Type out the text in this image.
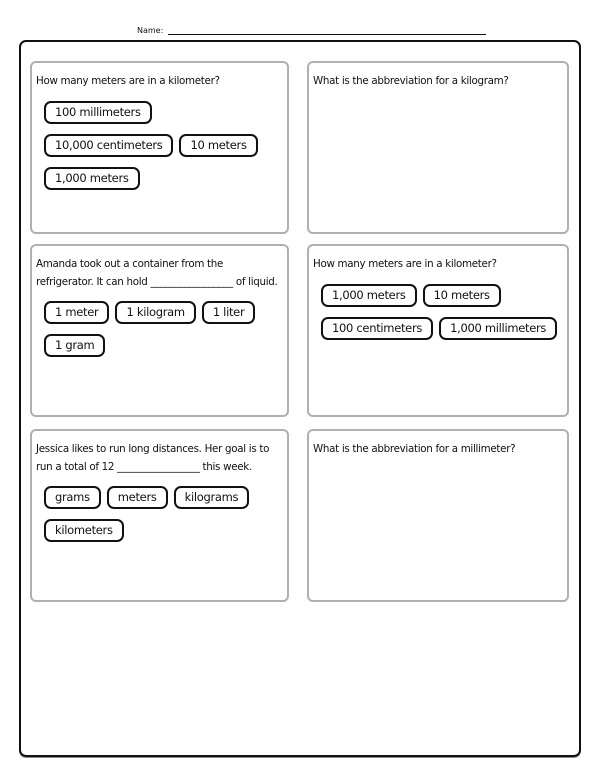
Name:

How many meters are in a kilometer?

100 millimeters
10,000 centimeters	10 meters
1,000 meters

What is the abbreviation for a kilogram?

Amanda took out a container from the refrigerator. It can hold _________________ of liquid.

1 meter	1 kilogram	1 liter
1 gram

How many meters are in a kilometer?

1,000 meters	10 meters
100 centimeters	1,000 millimeters

Jessica likes to run long distances. Her goal is to run a total of 12 _________________ this week.

grams	meters	kilograms
kilometers

What is the abbreviation for a millimeter?
